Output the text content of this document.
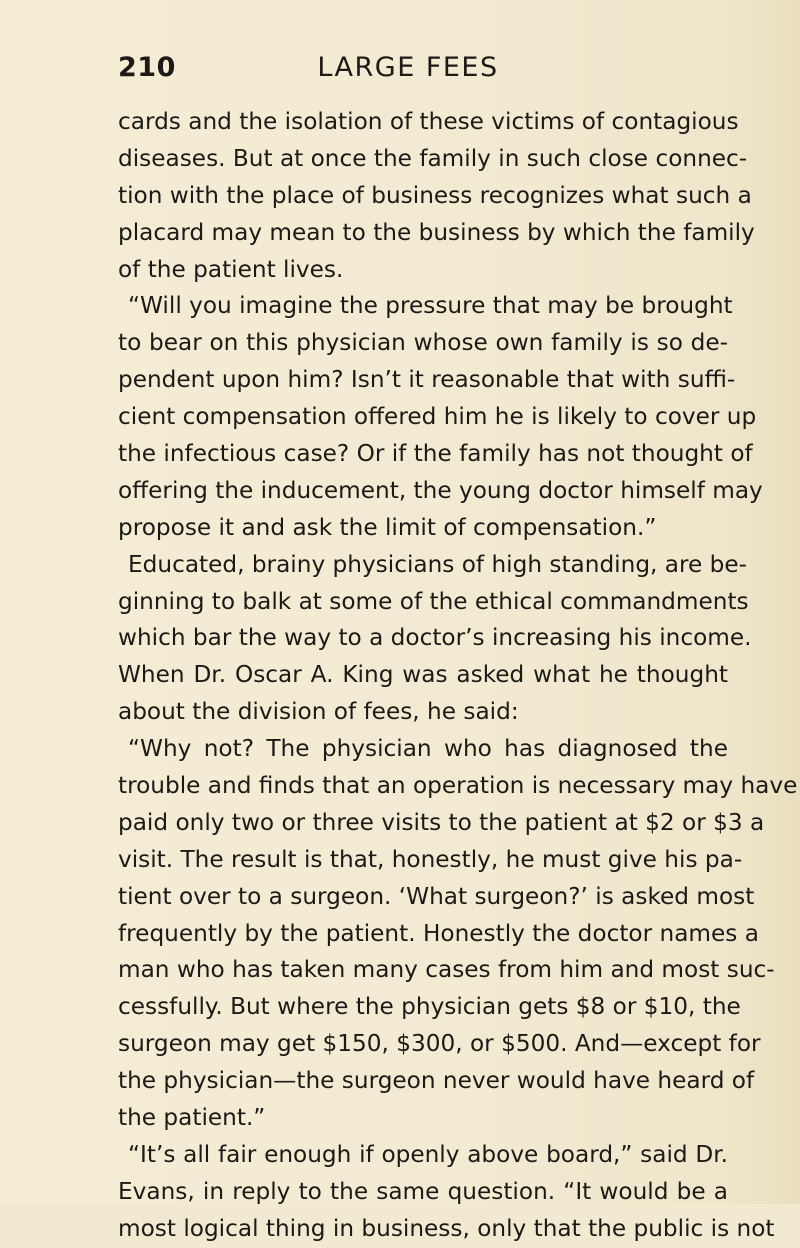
210	LARGE FEES
cards and the isolation of these victims of contagious
diseases. But at once the family in such close connec-
tion with the place of business recognizes what such a
placard may mean to the business by which the family
of the patient lives.
“Will you imagine the pressure that may be brought
to bear on this physician whose own family is so de-
pendent upon him? Isn’t it reasonable that with suffi-
cient compensation offered him he is likely to cover up
the infectious case? Or if the family has not thought of
offering the inducement, the young doctor himself may
propose it and ask the limit of compensation.”
Educated, brainy physicians of high standing, are be-
ginning to balk at some of the ethical commandments
which bar the way to a doctor’s increasing his income.
When Dr. Oscar A. King was asked what he thought
about the division of fees, he said:
“Why not? The physician who has diagnosed the
trouble and finds that an operation is necessary may have
paid only two or three visits to the patient at $2 or $3 a
visit. The result is that, honestly, he must give his pa-
tient over to a surgeon. ‘What surgeon?’ is asked most
frequently by the patient. Honestly the doctor names a
man who has taken many cases from him and most suc-
cessfully. But where the physician gets $8 or $10, the
surgeon may get $150, $300, or $500. And—except for
the physician—the surgeon never would have heard of
the patient.”
“It’s all fair enough if openly above board,” said Dr.
Evans, in reply to the same question. “It would be a
most logical thing in business, only that the public is not
